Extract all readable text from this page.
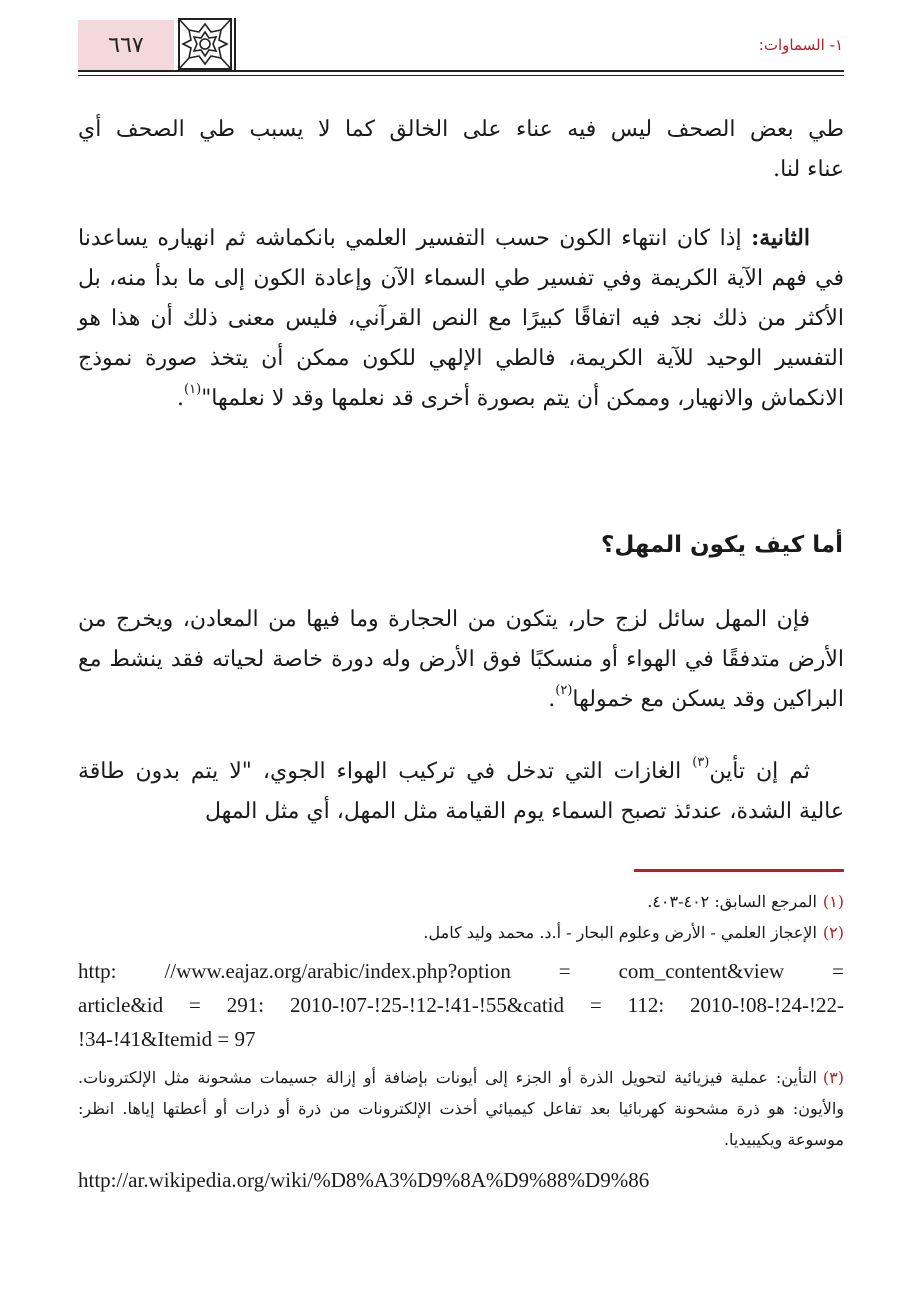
٦٦٧	١- السماوات:

طي بعض الصحف ليس فيه عناء على الخالق كما لا يسبب طي الصحف أي

عناء لنا.

الثانية: إذا كان انتهاء الكون حسب التفسير العلمي بانكماشه ثم انهياره يساعدنا في فهم الآية الكريمة وفي تفسير طي السماء الآن وإعادة الكون إلى ما بدأ منه، بل الأكثر من ذلك نجد فيه اتفاقًا كبيرًا مع النص القرآني، فليس معنى ذلك أن هذا هو التفسير الوحيد للآية الكريمة، فالطي الإلهي للكون ممكن أن يتخذ صورة نموذج الانكماش والانهيار، وممكن أن يتم بصورة أخرى قد نعلمها وقد لا نعلمها"$^{(١)}$.

أما كيف يكون المهل؟

فإن المهل سائل لزج حار، يتكون من الحجارة وما فيها من المعادن، ويخرج من الأرض متدفقًا في الهواء أو منسكبًا فوق الأرض وله دورة خاصة لحياته فقد ينشط مع البراكين وقد يسكن مع خمولها$^{(٢)}$.

ثم إن تأين$^{(٣)}$ الغازات التي تدخل في تركيب الهواء الجوي، "لا يتم بدون طاقة عالية الشدة، عندئذ تصبح السماء يوم القيامة مثل المهل، أي مثل المهل

(١)المرجع السابق: ٤٠٢-٤٠٣.

(٢)الإعجاز العلمي - الأرض وعلوم البحار - أ.د. محمد وليد كامل.

http: //www.eajaz.org/arabic/index.php?option = com_content&view =

article&id = 291: 2010-!07-!25-!12-!41-!55&catid = 112: 2010-!08-!24-!22-

!34-!41&Itemid = 97

(٣)التأين: عملية فيزيائية لتحويل الذرة أو الجزء إلى أيونات بإضافة أو إزالة جسيمات مشحونة مثل الإلكترونات. والأيون: هو ذرة مشحونة كهربائيا بعد تفاعل كيميائي أخذت الإلكترونات من ذرة أو ذرات أو أعطتها إياها. انظر: موسوعة ويكيبيديا.

http://ar.wikipedia.org/wiki/%D8%A3%D9%8A%D9%88%D9%86
